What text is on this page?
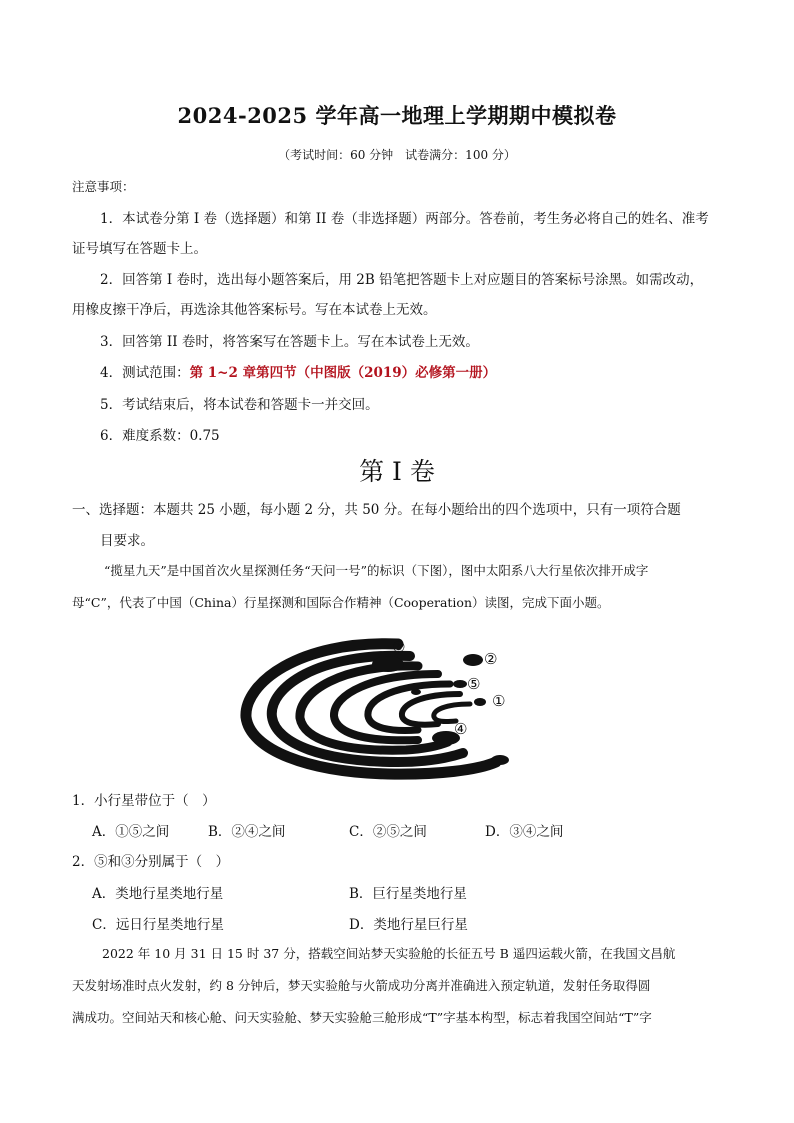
2024-2025 学年高一地理上学期期中模拟卷
（考试时间：60 分钟　试卷满分：100 分）
注意事项：
1．本试卷分第 I 卷（选择题）和第 II 卷（非选择题）两部分。答卷前，考生务必将自己的姓名、准考
证号填写在答题卡上。
2．回答第 I 卷时，选出每小题答案后，用 2B 铅笔把答题卡上对应题目的答案标号涂黑。如需改动，
用橡皮擦干净后，再选涂其他答案标号。写在本试卷上无效。
3．回答第 II 卷时，将答案写在答题卡上。写在本试卷上无效。
4．测试范围：第 1~2 章第四节（中图版（2019）必修第一册）
5．考试结束后，将本试卷和答题卡一并交回。
6．难度系数：0.75
第 I 卷
一、选择题：本题共 25 小题，每小题 2 分，共 50 分。在每小题给出的四个选项中，只有一项符合题
目要求。
“揽星九天”是中国首次火星探测任务“天问一号”的标识（下图），图中太阳系八大行星依次排开成字
母“C”，代表了中国（China）行星探测和国际合作精神（Cooperation）读图，完成下面小题。
③
②
⑤
①
④
1．小行星带位于（　）
A．①⑤之间	B．②④之间	C．②⑤之间	D．③④之间
2．⑤和③分别属于（　）
A．类地行星类地行星	B．巨行星类地行星
C．远日行星类地行星	D．类地行星巨行星
2022 年 10 月 31 日 15 时 37 分，搭载空间站梦天实验舱的长征五号 B 遥四运载火箭，在我国文昌航
天发射场准时点火发射，约 8 分钟后，梦天实验舱与火箭成功分离并准确进入预定轨道，发射任务取得圆
满成功。空间站天和核心舱、问天实验舱、梦天实验舱三舱形成“T”字基本构型，标志着我国空间站“T”字
